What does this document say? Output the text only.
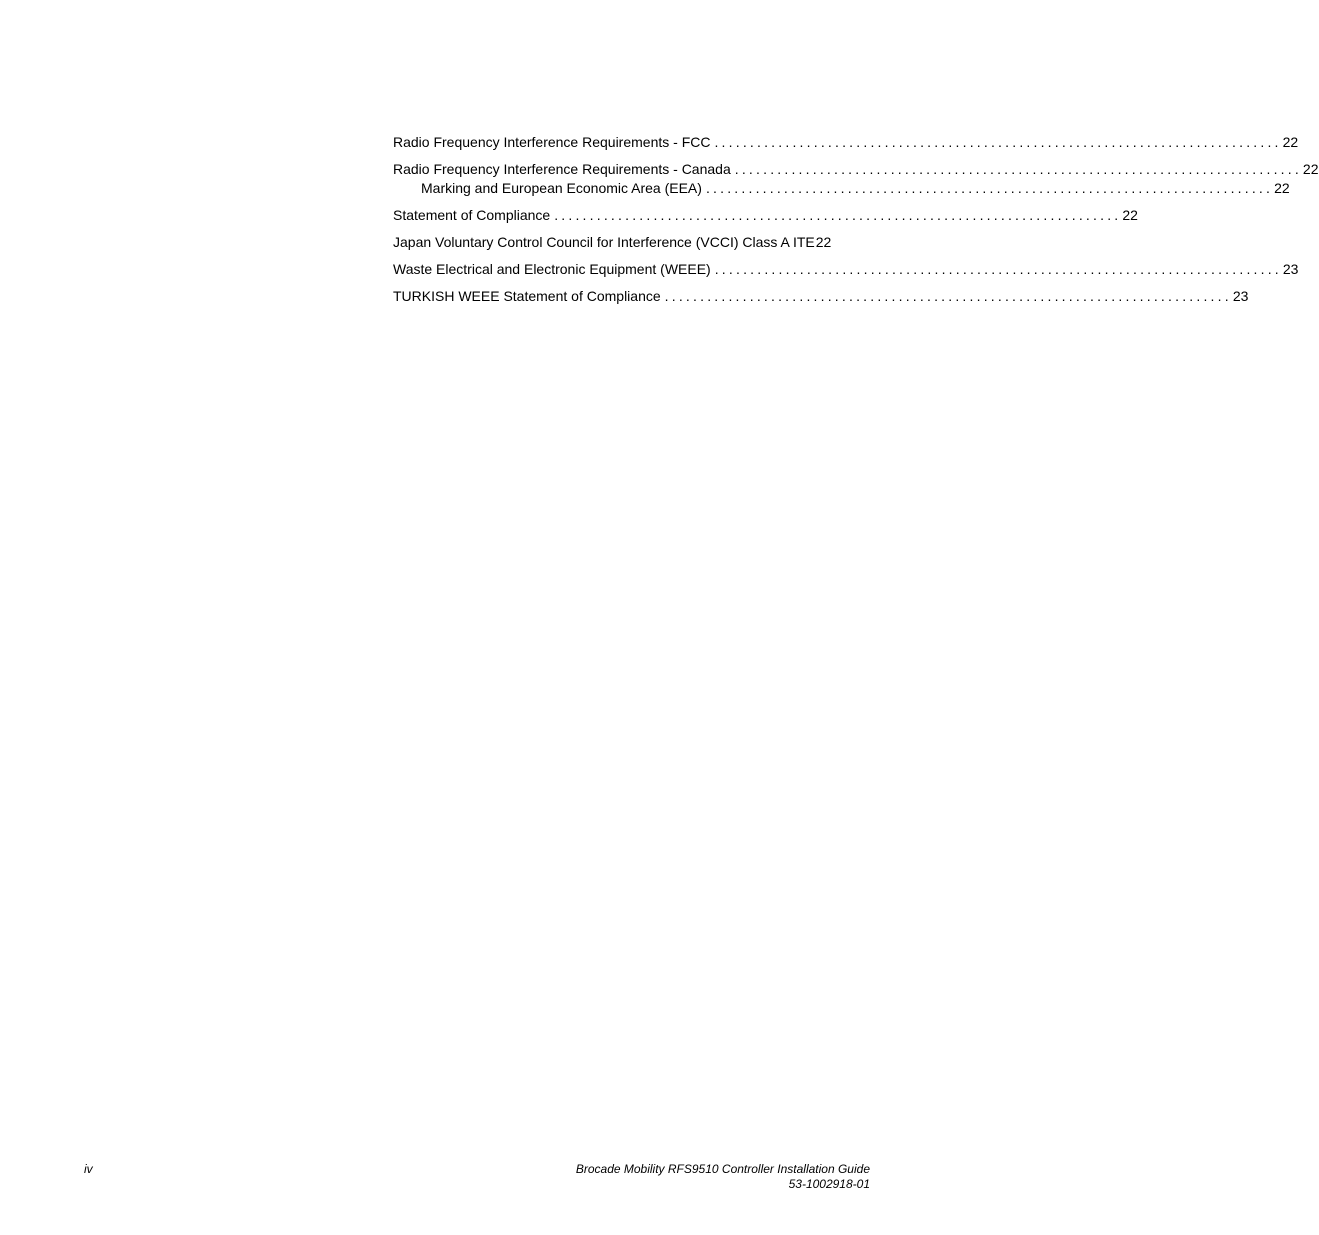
Radio Frequency Interference Requirements - FCC ................................................................................ 22
Radio Frequency Interference Requirements - Canada ................................................................................ 22
Marking and European Economic Area (EEA) ................................................................................ 22
Statement of Compliance ................................................................................ 22
Japan Voluntary Control Council for Interference (VCCI) Class A ITE 22
Waste Electrical and Electronic Equipment (WEEE) ................................................................................ 23
TURKISH WEEE Statement of Compliance ................................................................................ 23
iv	Brocade Mobility RFS9510 Controller Installation Guide
53-1002918-01
